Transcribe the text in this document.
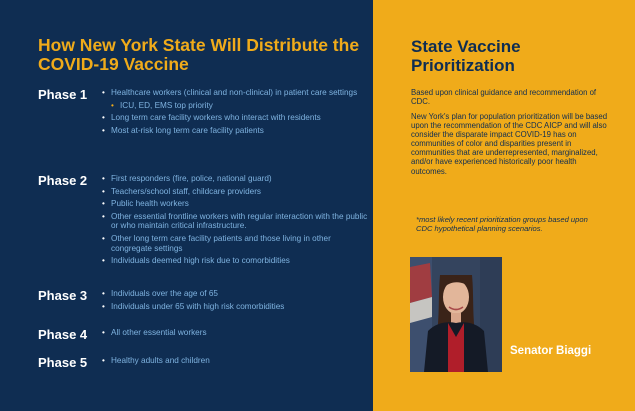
How New York State Will Distribute the COVID-19 Vaccine
Phase 1	• Healthcare workers (clinical and non-clinical) in patient care settings
• ICU, ED, EMS top priority
• Long term care facility workers who interact with residents
• Most at-risk long term care facility patients
Phase 2	• First responders (fire, police, national guard)
• Teachers/school staff, childcare providers
• Public health workers
• Other essential frontline workers with regular interaction with the public or who maintain critical infrastructure.
• Other long term care facility patients and those living in other congregate settings
• Individuals deemed high risk due to comorbidities
Phase 3	• Individuals over the age of 65
• Individuals under 65 with high risk comorbidities
Phase 4	• All other essential workers
Phase 5	• Healthy adults and children
State Vaccine Prioritization

Based upon clinical guidance and recommendation of CDC.

New York's plan for population prioritization will be based upon the recommendation of the CDC AICP and will also consider the disparate impact COVID-19 has on communities of color and disparities present in communities that are underrepresented, marginalized, and/or have experienced historically poor health outcomes.

*most likely recent prioritization groups based upon CDC hypothetical planning scenarios.

Senator Biaggi
